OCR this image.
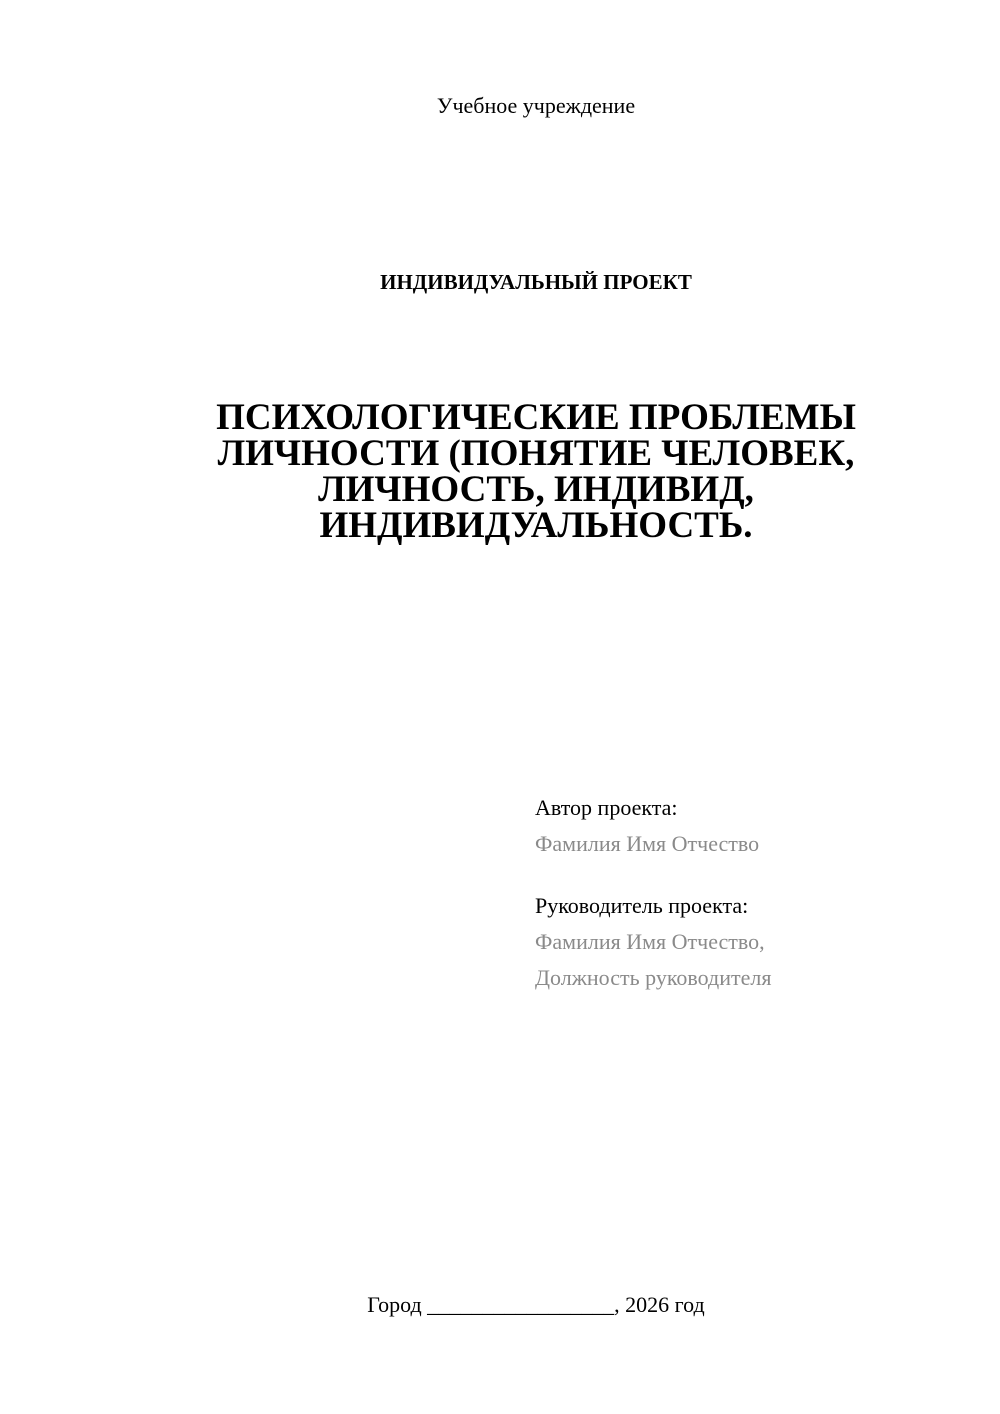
Учебное учреждение

ИНДИВИДУАЛЬНЫЙ ПРОЕКТ

ПСИХОЛОГИЧЕСКИЕ ПРОБЛЕМЫ
ЛИЧНОСТИ (ПОНЯТИЕ ЧЕЛОВЕК,
ЛИЧНОСТЬ, ИНДИВИД,
ИНДИВИДУАЛЬНОСТЬ.
Автор проекта:
Фамилия Имя Отчество
Руководитель проекта:
Фамилия Имя Отчество,
Должность руководителя

Город _________________, 2026 год
